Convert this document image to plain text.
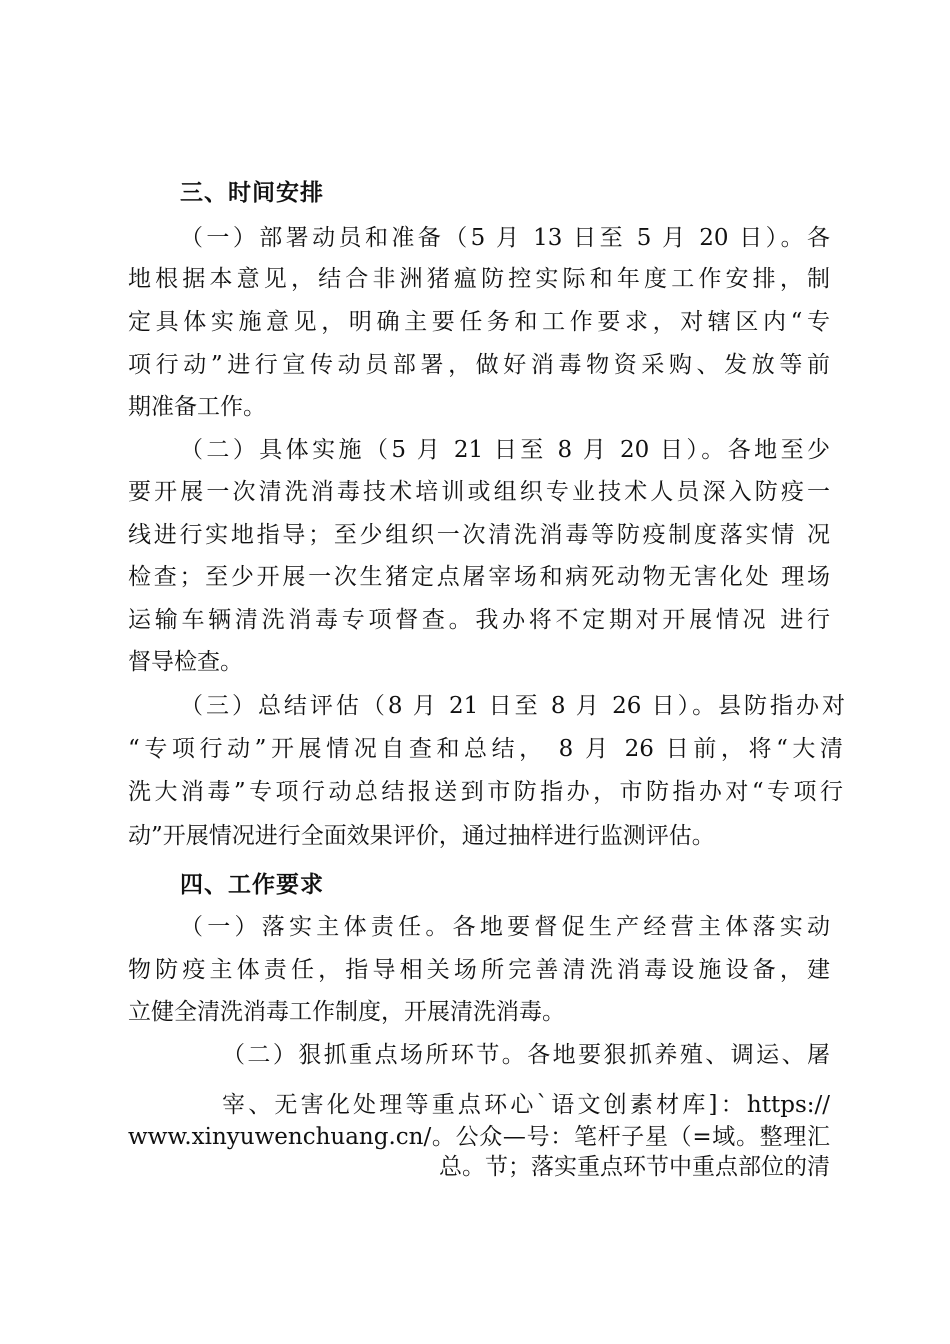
三、时间安排
（一）部署动员和准备（5 月 13 日至 5 月 20 日）。各
地根据本意见，结合非洲猪瘟防控实际和年度工作安排，制
定具体实施意见，明确主要任务和工作要求，对辖区内“专
项行动”进行宣传动员部署，做好消毒物资采购、发放等前
期准备工作。
（二）具体实施（5 月 21 日至 8 月 20 日）。各地至少
要开展一次清洗消毒技术培训或组织专业技术人员深入防疫一
线进行实地指导；至少组织一次清洗消毒等防疫制度落实情 况
检查；至少开展一次生猪定点屠宰场和病死动物无害化处 理场
运输车辆清洗消毒专项督查。我办将不定期对开展情况 进行
督导检查。
（三）总结评估（8 月 21 日至 8 月 26 日）。县防指办对
“专项行动”开展情况自查和总结， 8 月 26 日前，将“大清
洗大消毒”专项行动总结报送到市防指办，市防指办对“专项行
动”开展情况进行全面效果评价，通过抽样进行监测评估。
四、工作要求
（一）落实主体责任。各地要督促生产经营主体落实动
物防疫主体责任，指导相关场所完善清洗消毒设施设备，建
立健全清洗消毒工作制度，开展清洗消毒。
（二）狠抓重点场所环节。各地要狠抓养殖、调运、屠
宰、无害化处理等重点环心`语文创素材库]：https://
www.xinyuwenchuang.cn/。公众—号：笔杆子星（=域。整理汇
总。节；落实重点环节中重点部位的清
